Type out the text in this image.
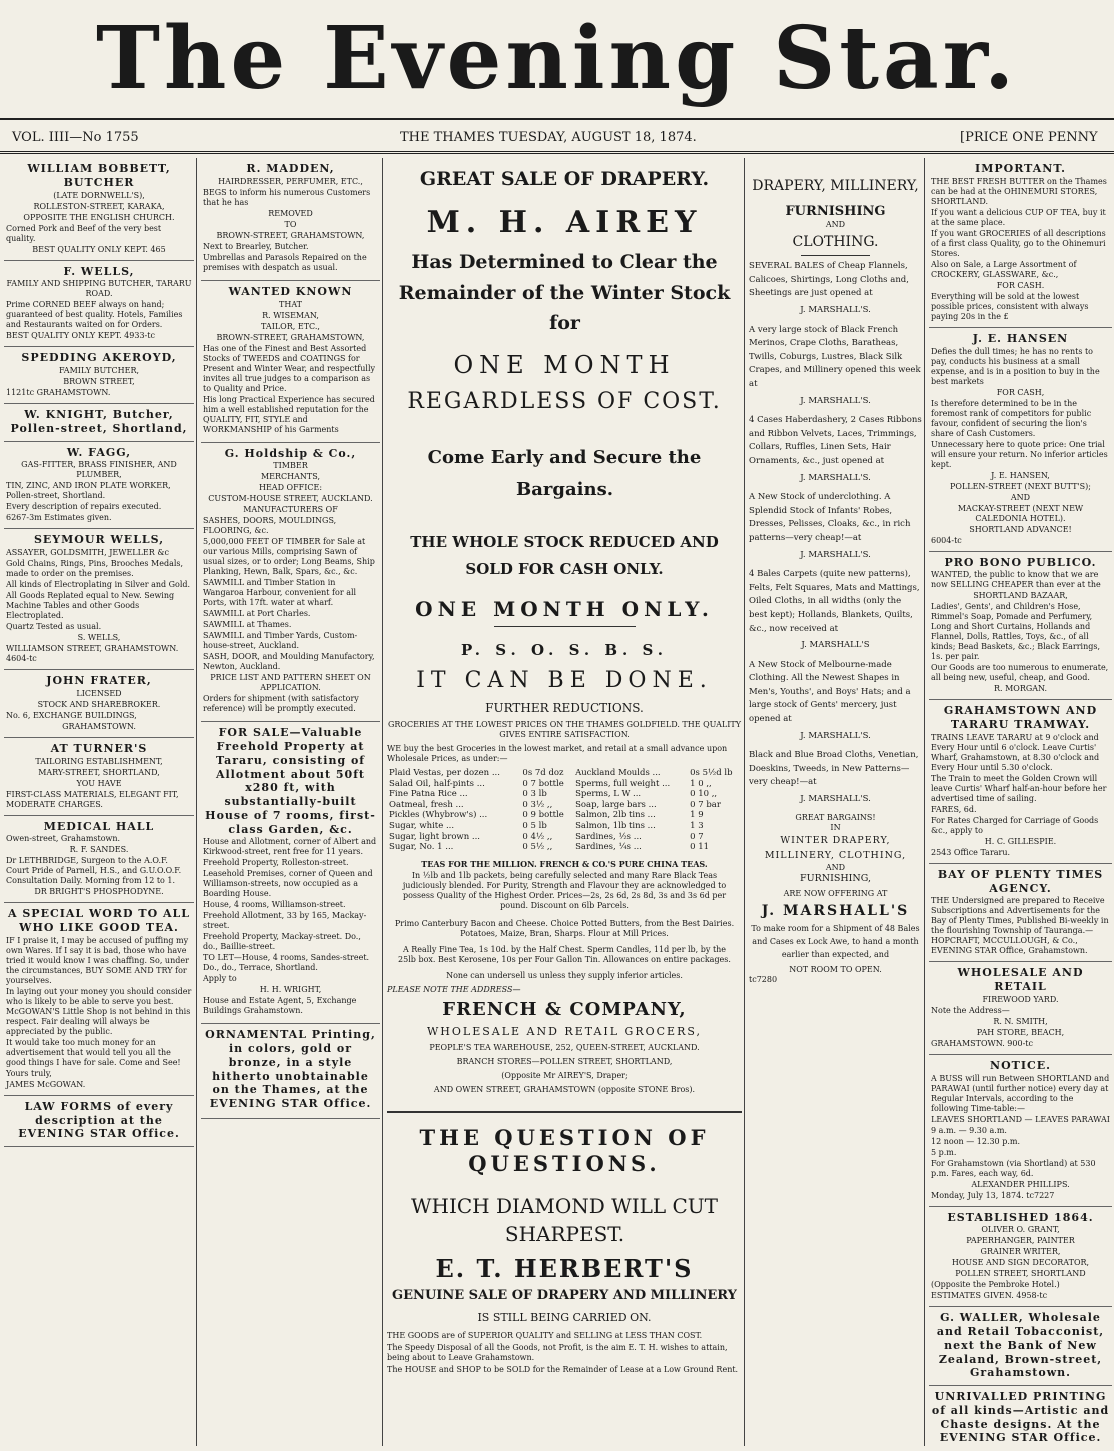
The Evening Star.
VOL. IIII—No 1755	THE THAMES TUESDAY, AUGUST 18, 1874.	[PRICE ONE PENNY

WILLIAM BOBBETT, BUTCHER

(LATE DORNWELL'S),

ROLLESTON-STREET, KARAKA,

OPPOSITE THE ENGLISH CHURCH.

Corned Pork and Beef of the very best quality.

BEST QUALITY ONLY KEPT. 465

F. WELLS,

FAMILY AND SHIPPING BUTCHER, TARARU ROAD.

Prime CORNED BEEF always on hand; guaranteed of best quality. Hotels, Families and Restaurants waited on for Orders.

BEST QUALITY ONLY KEPT. 4933-tc

SPEDDING AKEROYD,

FAMILY BUTCHER,

BROWN STREET,

1121tc GRAHAMSTOWN.

W. KNIGHT, Butcher, Pollen-street, Shortland,

W. FAGG,

GAS-FITTER, BRASS FINISHER, AND PLUMBER,

TIN, ZINC, AND IRON PLATE WORKER, Pollen-street, Shortland.

Every description of repairs executed.

6267-3m Estimates given.

SEYMOUR WELLS,

ASSAYER, GOLDSMITH, JEWELLER &c

Gold Chains, Rings, Pins, Brooches Medals, made to order on the premises.

All kinds of Electroplating in Silver and Gold.

All Goods Replated equal to New. Sewing Machine Tables and other Goods Electroplated.

Quartz Tested as usual.

S. WELLS,

WILLIAMSON STREET, GRAHAMSTOWN. 4604-tc

JOHN FRATER,

LICENSED

STOCK AND SHAREBROKER.

No. 6, EXCHANGE BUILDINGS,

GRAHAMSTOWN.

AT TURNER'S

TAILORING ESTABLISHMENT,

MARY-STREET, SHORTLAND,

YOU HAVE

FIRST-CLASS MATERIALS, ELEGANT FIT, MODERATE CHARGES.

MEDICAL HALL

Owen-street, Grahamstown.

R. F. SANDES.

Dr LETHBRIDGE, Surgeon to the A.O.F. Court Pride of Parnell, H.S., and G.U.O.O.F. Consultation Daily. Morning from 12 to 1.

DR BRIGHT'S PHOSPHODYNE.

A SPECIAL WORD TO ALL WHO LIKE GOOD TEA.

IF I praise it, I may be accused of puffing my own Wares. If I say it is bad, those who have tried it would know I was chaffing. So, under the circumstances, BUY SOME AND TRY for yourselves.

In laying out your money you should consider who is likely to be able to serve you best. McGOWAN'S Little Shop is not behind in this respect. Fair dealing will always be appreciated by the public.

It would take too much money for an advertisement that would tell you all the good things I have for sale. Come and See!

Yours truly,

JAMES McGOWAN.

LAW FORMS of every description at the EVENING STAR Office.

R. MADDEN,

HAIRDRESSER, PERFUMER, ETC.,

BEGS to inform his numerous Customers that he has

REMOVED

TO

BROWN-STREET, GRAHAMSTOWN,

Next to Brearley, Butcher.

Umbrellas and Parasols Repaired on the premises with despatch as usual.

WANTED KNOWN

THAT

R. WISEMAN,

TAILOR, ETC.,

BROWN-STREET, GRAHAMSTOWN,

Has one of the Finest and Best Assorted Stocks of TWEEDS and COATINGS for Present and Winter Wear, and respectfully invites all true judges to a comparison as to Quality and Price.

His long Practical Experience has secured him a well established reputation for the QUALITY, FIT, STYLE and WORKMANSHIP of his Garments

G. Holdship & Co.,

TIMBER

MERCHANTS,

HEAD OFFICE:

CUSTOM-HOUSE STREET, AUCKLAND.

MANUFACTURERS OF

SASHES, DOORS, MOULDINGS, FLOORING, &c.

5,000,000 FEET OF TIMBER for Sale at our various Mills, comprising Sawn of usual sizes, or to order; Long Beams, Ship Planking, Hewn, Balk, Spars, &c., &c.

SAWMILL and Timber Station in Wangaroa Harbour, convenient for all Ports, with 17ft. water at wharf.

SAWMILL at Port Charles.

SAWMILL at Thames.

SAWMILL and Timber Yards, Custom-house-street, Auckland.

SASH, DOOR, and Moulding Manufactory, Newton, Auckland.

PRICE LIST AND PATTERN SHEET ON APPLICATION.

Orders for shipment (with satisfactory reference) will be promptly executed.

FOR SALE—Valuable Freehold Property at Tararu, consisting of Allotment about 50ft x280 ft, with substantially-built House of 7 rooms, first-class Garden, &c.

House and Allotment, corner of Albert and Kirkwood-street, rent free for 11 years.

Freehold Property, Rolleston-street.

Leasehold Premises, corner of Queen and Williamson-streets, now occupied as a Boarding House.

House, 4 rooms, Williamson-street.

Freehold Allotment, 33 by 165, Mackay-street.

Freehold Property, Mackay-street. Do., do., Baillie-street.

TO LET—House, 4 rooms, Sandes-street. Do., do., Terrace, Shortland.

Apply to

H. H. WRIGHT,

House and Estate Agent, 5, Exchange Buildings Grahamstown.

ORNAMENTAL Printing, in colors, gold or bronze, in a style hitherto unobtainable on the Thames, at the EVENING STAR Office.

GREAT SALE OF DRAPERY.
M. H. AIREY
Has Determined to Clear the Remainder of the Winter Stock for
ONE MONTH
REGARDLESS OF COST.
Come Early and Secure the Bargains.
THE WHOLE STOCK REDUCED AND SOLD FOR CASH ONLY.
ONE MONTH ONLY.
P. S. O. S. B. S.
IT CAN BE DONE.
FURTHER REDUCTIONS.
GROCERIES AT THE LOWEST PRICES ON THE THAMES GOLDFIELD. THE QUALITY GIVES ENTIRE SATISFACTION.

WE buy the best Groceries in the lowest market, and retail at a small advance upon Wholesale Prices, as under:—

Plaid Vestas, per dozen ...	0s 7d doz	Auckland Moulds ...	0s 5½d lb
Salad Oil, half-pints ...	0 7 bottle	Sperms, full weight ...	1 0 ,,
Fine Patna Rice ...	0 3 lb	Sperms, L W ...	0 10 ,,
Oatmeal, fresh ...	0 3½ ,,	Soap, large bars ...	0 7 bar
Pickles (Whybrow's) ...	0 9 bottle	Salmon, 2lb tins ...	1 9
Sugar, white ...	0 5 lb	Salmon, 1lb tins ...	1 3
Sugar, light brown ...	0 4½ ,,	Sardines, ½s ...	0 7
Sugar, No. 1 ...	0 5½ ,,	Sardines, ¼s ...	0 11
TEAS FOR THE MILLION. FRENCH & CO.'S PURE CHINA TEAS.

In ½lb and 1lb packets, being carefully selected and many Rare Black Teas judiciously blended. For Purity, Strength and Flavour they are acknowledged to possess Quality of the Highest Order. Prices—2s, 2s 6d, 2s 8d, 3s and 3s 6d per pound. Discount on 6lb Parcels.

Primo Canterbury Bacon and Cheese. Choice Potted Butters, from the Best Dairies. Potatoes, Maize, Bran, Sharps. Flour at Mill Prices.

A Really Fine Tea, 1s 10d. by the Half Chest. Sperm Candles, 11d per lb, by the 25lb box. Best Kerosene, 10s per Four Gallon Tin. Allowances on entire packages.

None can undersell us unless they supply inferior articles.

PLEASE NOTE THE ADDRESS—

FRENCH & COMPANY,
WHOLESALE AND RETAIL GROCERS,
PEOPLE'S TEA WAREHOUSE, 252, QUEEN-STREET, AUCKLAND.
BRANCH STORES—POLLEN STREET, SHORTLAND,
(Opposite Mr AIREY'S, Draper;
AND OWEN STREET, GRAHAMSTOWN (opposite STONE Bros).
THE QUESTION OF QUESTIONS.
WHICH DIAMOND WILL CUT SHARPEST.
E. T. HERBERT'S
GENUINE SALE OF DRAPERY AND MILLINERY
IS STILL BEING CARRIED ON.

THE GOODS are of SUPERIOR QUALITY and SELLING at LESS THAN COST.

The Speedy Disposal of all the Goods, not Profit, is the aim E. T. H. wishes to attain, being about to Leave Grahamstown.

The HOUSE and SHOP to be SOLD for the Remainder of Lease at a Low Ground Rent.

DRAPERY, MILLINERY,
FURNISHING
AND
CLOTHING.

SEVERAL BALES of Cheap Flannels, Calicoes, Shirtings, Long Cloths and, Sheetings are just opened at

J. MARSHALL'S.

A very large stock of Black French Merinos, Crape Cloths, Baratheas, Twills, Coburgs, Lustres, Black Silk Crapes, and Millinery opened this week at

J. MARSHALL'S.

4 Cases Haberdashery, 2 Cases Ribbons and Ribbon Velvets, Laces, Trimmings, Collars, Ruffles, Linen Sets, Hair Ornaments, &c., just opened at

J. MARSHALL'S.

A New Stock of underclothing. A Splendid Stock of Infants' Robes, Dresses, Pelisses, Cloaks, &c., in rich patterns—very cheap!—at

J. MARSHALL'S.

4 Bales Carpets (quite new patterns), Felts, Felt Squares, Mats and Mattings, Oiled Cloths, in all widths (only the best kept); Hollands, Blankets, Quilts, &c., now received at

J. MARSHALL'S

A New Stock of Melbourne-made Clothing. All the Newest Shapes in Men's, Youths', and Boys' Hats; and a large stock of Gents' mercery, just opened at

J. MARSHALL'S.

Black and Blue Broad Cloths, Venetian, Doeskins, Tweeds, in New Patterns—very cheap!—at

J. MARSHALL'S.

GREAT BARGAINS!
IN
WINTER DRAPERY, MILLINERY, CLOTHING,
AND
FURNISHING,
ARE NOW OFFERING AT
J. MARSHALL'S

To make room for a Shipment of 48 Bales and Cases ex Lock Awe, to hand a month earlier than expected, and

NOT ROOM TO OPEN.
tc7280

IMPORTANT.

THE BEST FRESH BUTTER on the Thames can be had at the OHINEMURI STORES, SHORTLAND.

If you want a delicious CUP OF TEA, buy it at the same place.

If you want GROCERIES of all descriptions of a first class Quality, go to the Ohinemuri Stores.

Also on Sale, a Large Assortment of CROCKERY, GLASSWARE, &c.,

FOR CASH.

Everything will be sold at the lowest possible prices, consistent with always paying 20s in the £

J. E. HANSEN

Defies the dull times; he has no rents to pay, conducts his business at a small expense, and is in a position to buy in the best markets

FOR CASH,

Is therefore determined to be in the foremost rank of competitors for public favour, confident of securing the lion's share of Cash Customers.

Unnecessary here to quote price: One trial will ensure your return. No inferior articles kept.

J. E. HANSEN,

POLLEN-STREET (NEXT BUTT'S);

AND

MACKAY-STREET (NEXT NEW CALEDONIA HOTEL).

SHORTLAND ADVANCE!

6004-tc

PRO BONO PUBLICO.

WANTED, the public to know that we are now SELLING CHEAPER than ever at the

SHORTLAND BAZAAR,

Ladies', Gents', and Children's Hose, Rimmel's Soap, Pomade and Perfumery, Long and Short Curtains, Hollands and Flannel, Dolls, Rattles, Toys, &c., of all kinds; Bead Baskets, &c.; Black Earrings, 1s. per pair.

Our Goods are too numerous to enumerate, all being new, useful, cheap, and Good.

R. MORGAN.

GRAHAMSTOWN AND TARARU TRAMWAY.

TRAINS LEAVE TARARU at 9 o'clock and Every Hour until 6 o'clock. Leave Curtis' Wharf, Grahamstown, at 8.30 o'clock and Every Hour until 5.30 o'clock.

The Train to meet the Golden Crown will leave Curtis' Wharf half-an-hour before her advertised time of sailing.

FARES, 6d.

For Rates Charged for Carriage of Goods &c., apply to

H. C. GILLESPIE.

2543 Office Tararu.

BAY OF PLENTY TIMES AGENCY.

THE Undersigned are prepared to Receive Subscriptions and Advertisements for the Bay of Plenty Times, Published Bi-weekly in the flourishing Township of Tauranga.—HOPCRAFT, MCCULLOUGH, & Co., EVENING STAR Office, Grahamstown.

WHOLESALE AND RETAIL

FIREWOOD YARD.

Note the Address—

R. N. SMITH,

PAH STORE, BEACH,

GRAHAMSTOWN. 900-tc

NOTICE.

A BUSS will run Between SHORTLAND and PARAWAI (until further notice) every day at Regular Intervals, according to the following Time-table:—

LEAVES SHORTLAND — LEAVES PARAWAI

9 a.m. — 9.30 a.m.

12 noon — 12.30 p.m.

5 p.m.

For Grahamstown (via Shortland) at 530 p.m. Fares, each way, 6d.

ALEXANDER PHILLIPS.

Monday, July 13, 1874. tc7227

ESTABLISHED 1864.

OLIVER O. GRANT,

PAPERHANGER, PAINTER

GRAINER WRITER,

HOUSE AND SIGN DECORATOR,

POLLEN STREET, SHORTLAND

(Opposite the Pembroke Hotel.)

ESTIMATES GIVEN. 4958-tc

G. WALLER, Wholesale and Retail Tobacconist, next the Bank of New Zealand, Brown-street, Grahamstown.

UNRIVALLED PRINTING of all kinds—Artistic and Chaste designs. At the EVENING STAR Office.
